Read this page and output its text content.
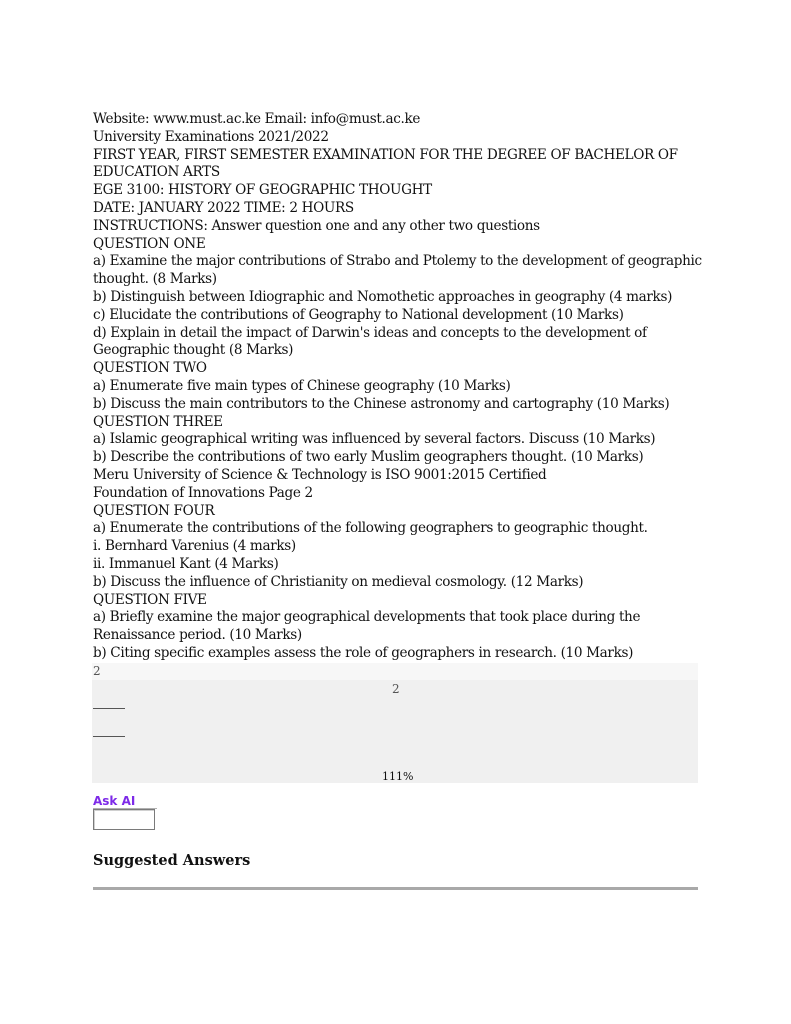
Website: www.must.ac.ke Email: info@must.ac.ke
University Examinations 2021/2022
FIRST YEAR, FIRST SEMESTER EXAMINATION FOR THE DEGREE OF BACHELOR OF
EDUCATION ARTS
EGE 3100: HISTORY OF GEOGRAPHIC THOUGHT
DATE: JANUARY 2022 TIME: 2 HOURS
INSTRUCTIONS: Answer question one and any other two questions
QUESTION ONE
a) Examine the major contributions of Strabo and Ptolemy to the development of geographic
thought. (8 Marks)
b) Distinguish between Idiographic and Nomothetic approaches in geography (4 marks)
c) Elucidate the contributions of Geography to National development (10 Marks)
d) Explain in detail the impact of Darwin's ideas and concepts to the development of
Geographic thought (8 Marks)
QUESTION TWO
a) Enumerate five main types of Chinese geography (10 Marks)
b) Discuss the main contributors to the Chinese astronomy and cartography (10 Marks)
QUESTION THREE
a) Islamic geographical writing was influenced by several factors. Discuss (10 Marks)
b) Describe the contributions of two early Muslim geographers thought. (10 Marks)
Meru University of Science & Technology is ISO 9001:2015 Certified
Foundation of Innovations Page 2
QUESTION FOUR
a) Enumerate the contributions of the following geographers to geographic thought.
i. Bernhard Varenius (4 marks)
ii. Immanuel Kant (4 Marks)
b) Discuss the influence of Christianity on medieval cosmology. (12 Marks)
QUESTION FIVE
a) Briefly examine the major geographical developments that took place during the
Renaissance period. (10 Marks)
b) Citing specific examples assess the role of geographers in research. (10 Marks)
2
2
111%
Ask AI
Suggested Answers
